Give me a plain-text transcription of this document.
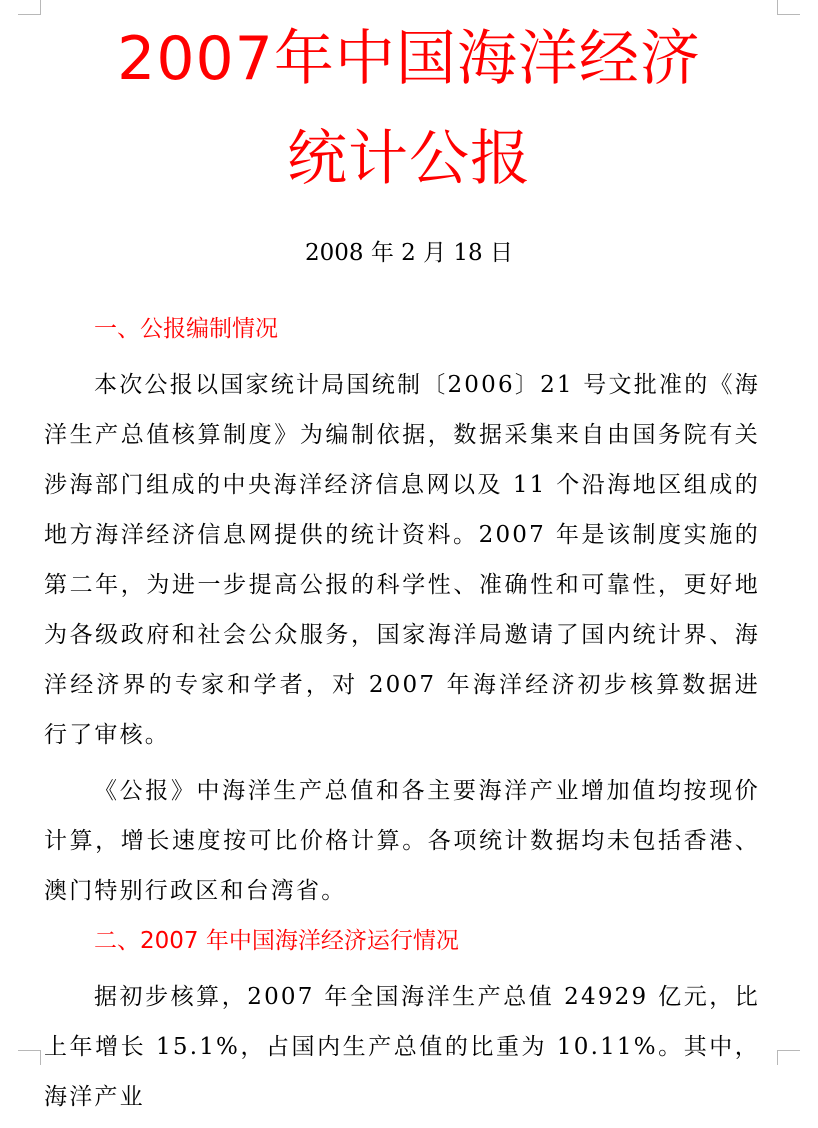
2007年中国海洋经济
统计公报
2008 年 2 月 18 日
一、公报编制情况

本次公报以国家统计局国统制〔2006〕21 号文批准的《海洋生产总值核算制度》为编制依据，数据采集来自由国务院有关涉海部门组成的中央海洋经济信息网以及 11 个沿海地区组成的地方海洋经济信息网提供的统计资料。2007 年是该制度实施的第二年，为进一步提高公报的科学性、准确性和可靠性，更好地为各级政府和社会公众服务，国家海洋局邀请了国内统计界、海洋经济界的专家和学者，对 2007 年海洋经济初步核算数据进行了审核。

《公报》中海洋生产总值和各主要海洋产业增加值均按现价计算，增长速度按可比价格计算。各项统计数据均未包括香港、澳门特别行政区和台湾省。

二、2007 年中国海洋经济运行情况

据初步核算，2007 年全国海洋生产总值 24929 亿元，比上年增长 15.1%，占国内生产总值的比重为 10.11%。其中，海洋产业
